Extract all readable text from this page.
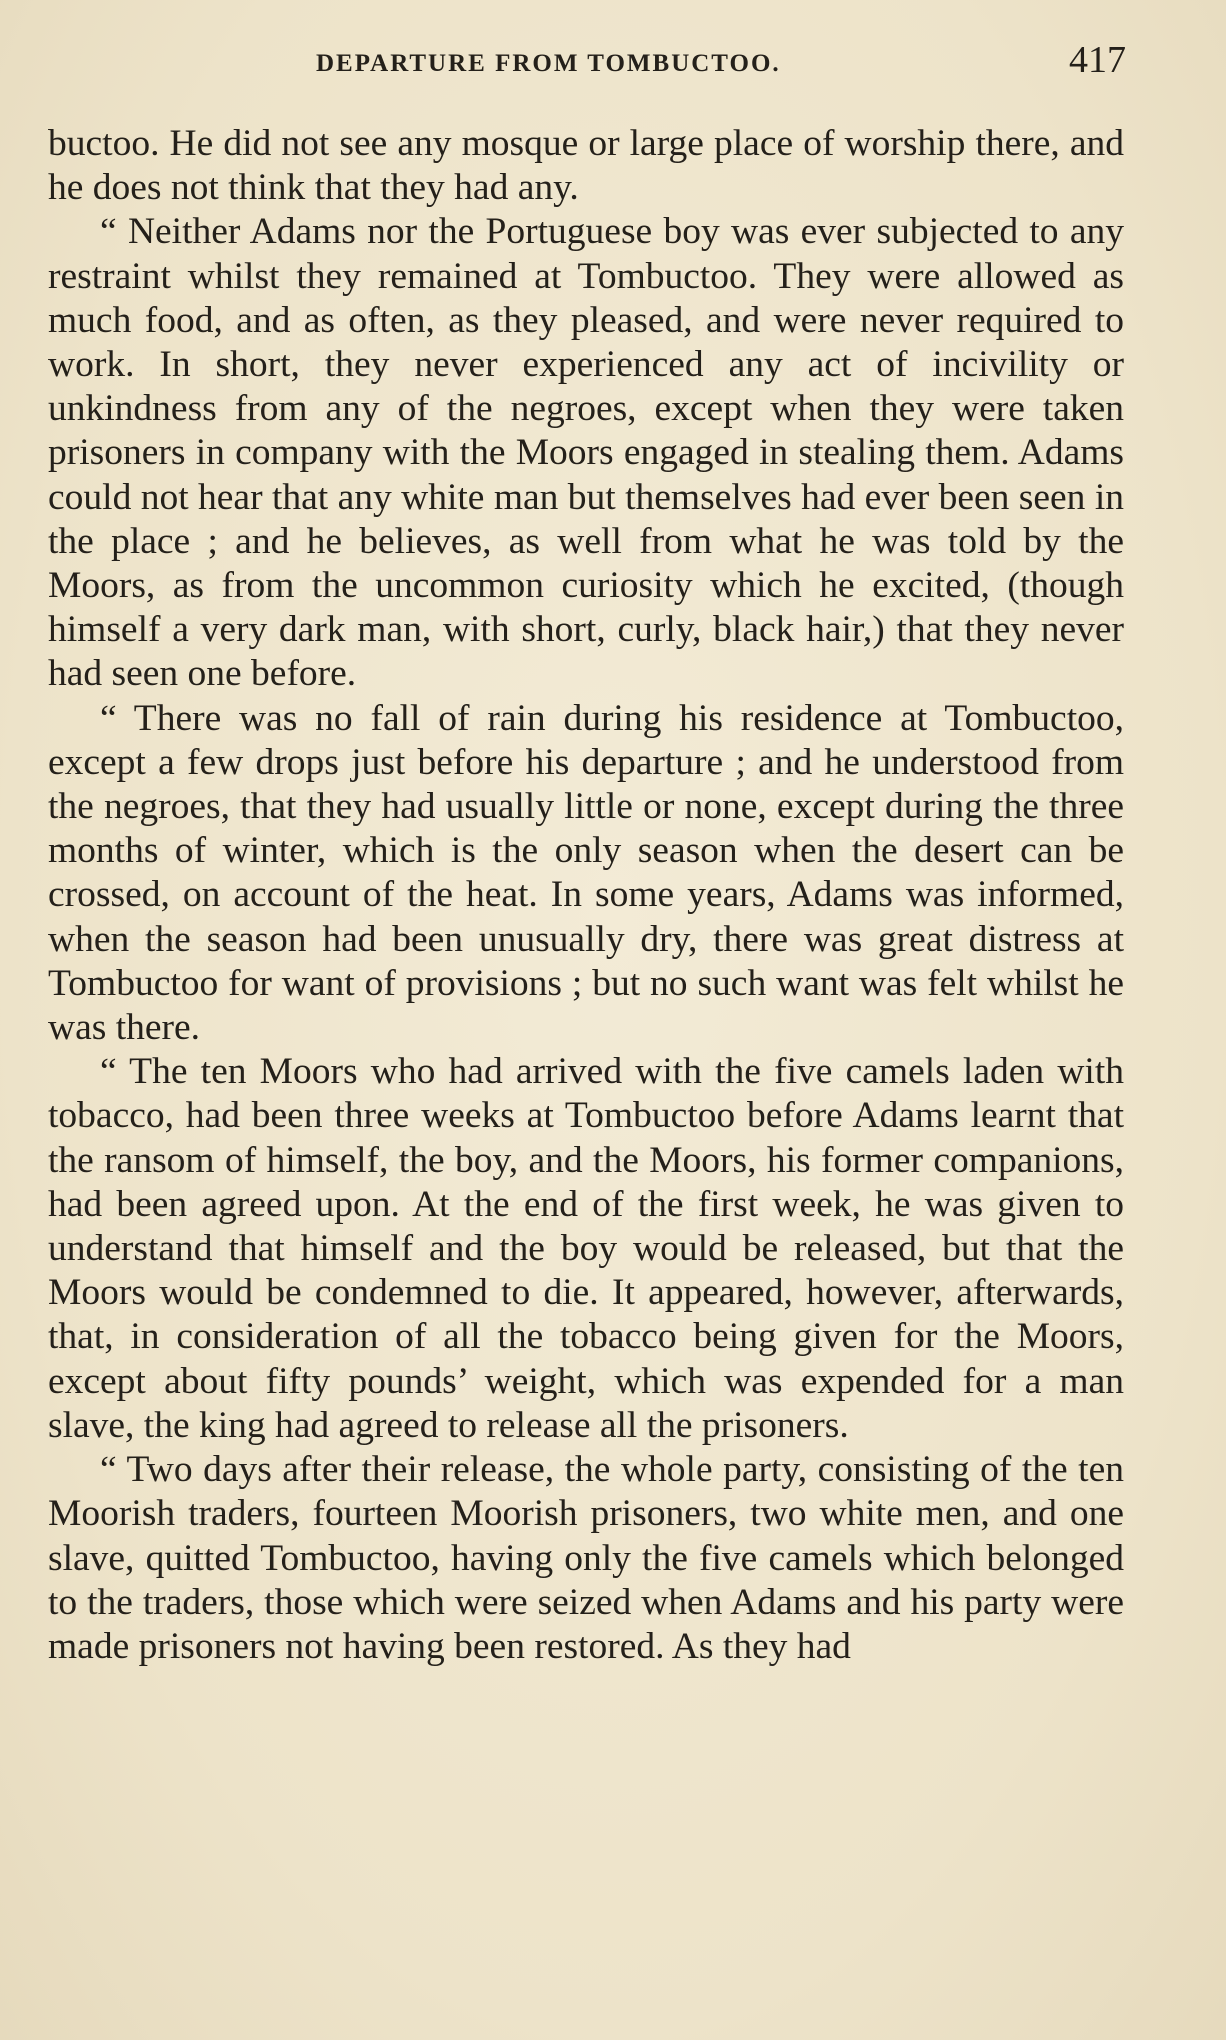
DEPARTURE FROM TOMBUCTOO.	417

buctoo. He did not see any mosque or large place of worship there, and he does not think that they had any.

“ Neither Adams nor the Portuguese boy was ever subjected to any restraint whilst they remained at Tombuctoo. They were allowed as much food, and as often, as they pleased, and were never required to work. In short, they never experienced any act of incivility or unkindness from any of the negroes, except when they were taken prisoners in company with the Moors engaged in stealing them. Adams could not hear that any white man but themselves had ever been seen in the place ; and he believes, as well from what he was told by the Moors, as from the uncommon curiosity which he excited, (though himself a very dark man, with short, curly, black hair,) that they never had seen one before.

“ There was no fall of rain during his residence at Tombuctoo, except a few drops just before his departure ; and he understood from the negroes, that they had usually little or none, except during the three months of winter, which is the only season when the desert can be crossed, on account of the heat. In some years, Adams was informed, when the season had been unusually dry, there was great distress at Tombuctoo for want of provisions ; but no such want was felt whilst he was there.

“ The ten Moors who had arrived with the five camels laden with tobacco, had been three weeks at Tombuctoo before Adams learnt that the ransom of himself, the boy, and the Moors, his former companions, had been agreed upon. At the end of the first week, he was given to understand that himself and the boy would be released, but that the Moors would be condemned to die. It appeared, however, afterwards, that, in consideration of all the tobacco being given for the Moors, except about fifty pounds’ weight, which was expended for a man slave, the king had agreed to release all the prisoners.

“ Two days after their release, the whole party, consisting of the ten Moorish traders, fourteen Moorish prisoners, two white men, and one slave, quitted Tombuctoo, having only the five camels which belonged to the traders, those which were seized when Adams and his party were made prisoners not having been restored. As they had
